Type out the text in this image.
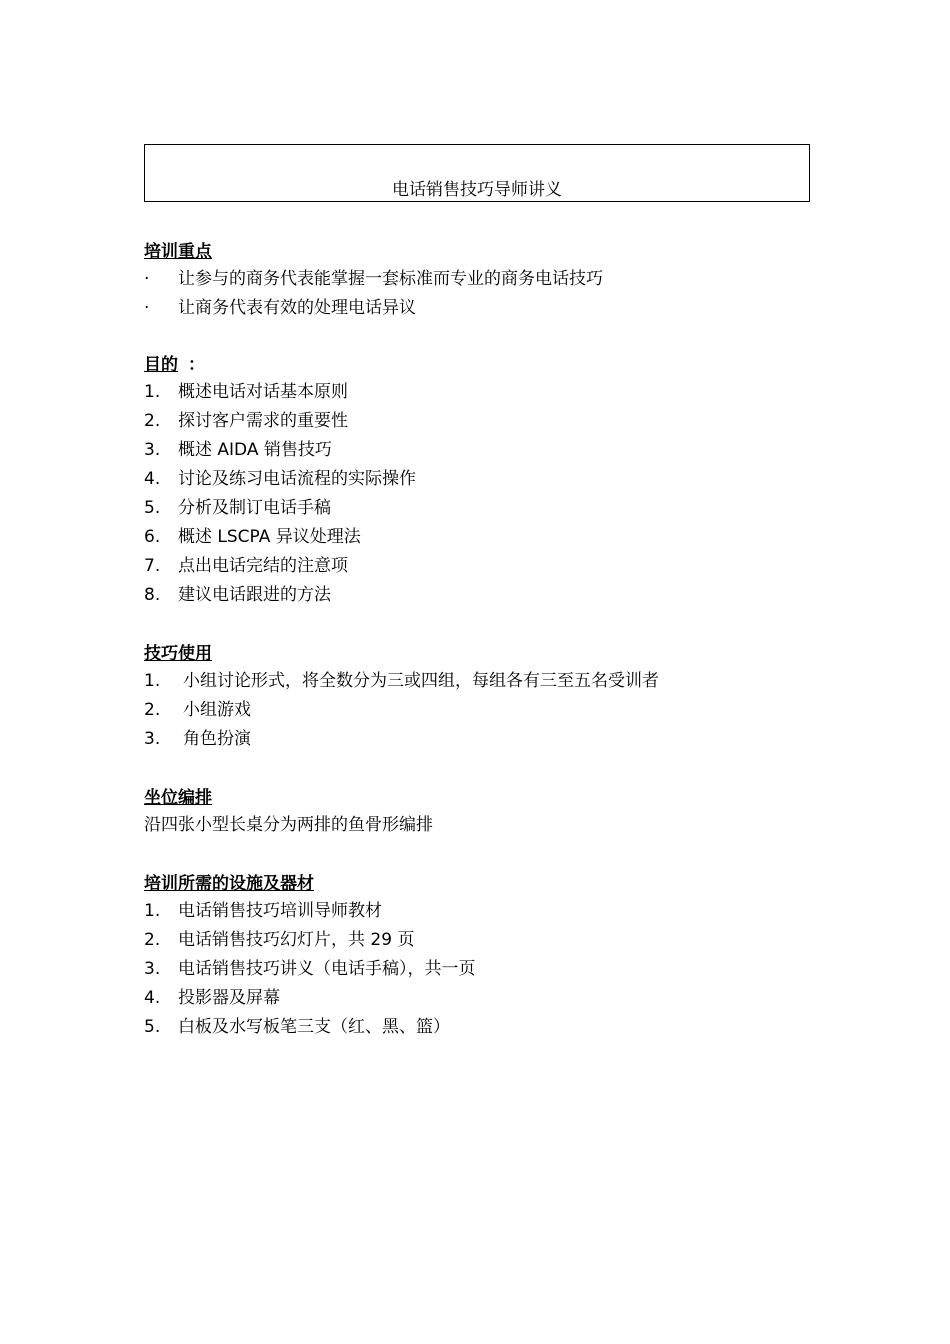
电话销售技巧导师讲义
培训重点
· 让参与的商务代表能掌握一套标准而专业的商务电话技巧
· 让商务代表有效的处理电话异议
目的 ：
1. 概述电话对话基本原则
2. 探讨客户需求的重要性
3. 概述 AIDA 销售技巧
4. 讨论及练习电话流程的实际操作
5. 分析及制订电话手稿
6. 概述 LSCPA 异议处理法
7. 点出电话完结的注意项
8. 建议电话跟进的方法
技巧使用
1. 小组讨论形式，将全数分为三或四组，每组各有三至五名受训者
2. 小组游戏
3. 角色扮演
坐位编排
沿四张小型长桌分为两排的鱼骨形编排
培训所需的设施及器材
1. 电话销售技巧培训导师教材
2. 电话销售技巧幻灯片，共 29 页
3. 电话销售技巧讲义（电话手稿），共一页
4. 投影器及屏幕
5. 白板及水写板笔三支（红、黑、篮）
